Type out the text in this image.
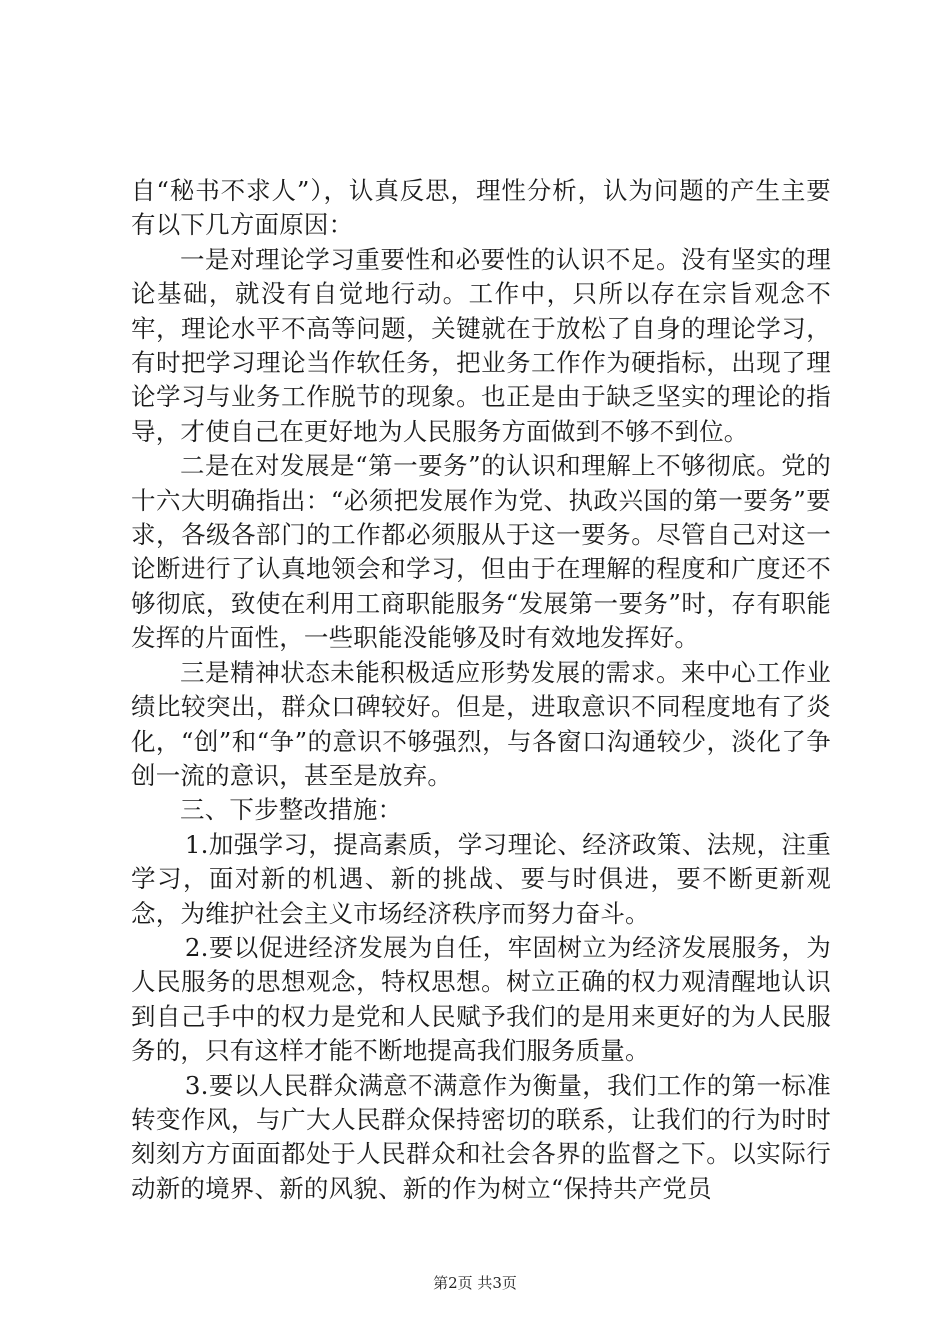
自“秘书不求人”），认真反思，理性分析，认为问题的产生主要有以下几方面原因：

一是对理论学习重要性和必要性的认识不足。没有坚实的理论基础，就没有自觉地行动。工作中，只所以存在宗旨观念不牢，理论水平不高等问题，关键就在于放松了自身的理论学习，有时把学习理论当作软任务，把业务工作作为硬指标，出现了理论学习与业务工作脱节的现象。也正是由于缺乏坚实的理论的指导，才使自己在更好地为人民服务方面做到不够不到位。

二是在对发展是“第一要务”的认识和理解上不够彻底。党的十六大明确指出：“必须把发展作为党、执政兴国的第一要务”要求，各级各部门的工作都必须服从于这一要务。尽管自己对这一论断进行了认真地领会和学习，但由于在理解的程度和广度还不够彻底，致使在利用工商职能服务“发展第一要务”时，存有职能发挥的片面性，一些职能没能够及时有效地发挥好。

三是精神状态未能积极适应形势发展的需求。来中心工作业绩比较突出，群众口碑较好。但是，进取意识不同程度地有了炎化，“创”和“争”的意识不够强烈，与各窗口沟通较少，淡化了争创一流的意识，甚至是放弃。

三、下步整改措施：

1.加强学习，提高素质，学习理论、经济政策、法规，注重学习，面对新的机遇、新的挑战、要与时俱进，要不断更新观念，为维护社会主义市场经济秩序而努力奋斗。

2.要以促进经济发展为自任，牢固树立为经济发展服务，为人民服务的思想观念，特权思想。树立正确的权力观清醒地认识到自己手中的权力是党和人民赋予我们的是用来更好的为人民服务的，只有这样才能不断地提高我们服务质量。

3.要以人民群众满意不满意作为衡量，我们工作的第一标准转变作风，与广大人民群众保持密切的联系，让我们的行为时时刻刻方方面面都处于人民群众和社会各界的监督之下。以实际行动新的境界、新的风貌、新的作为树立“保持共产党员

第2页 共3页
